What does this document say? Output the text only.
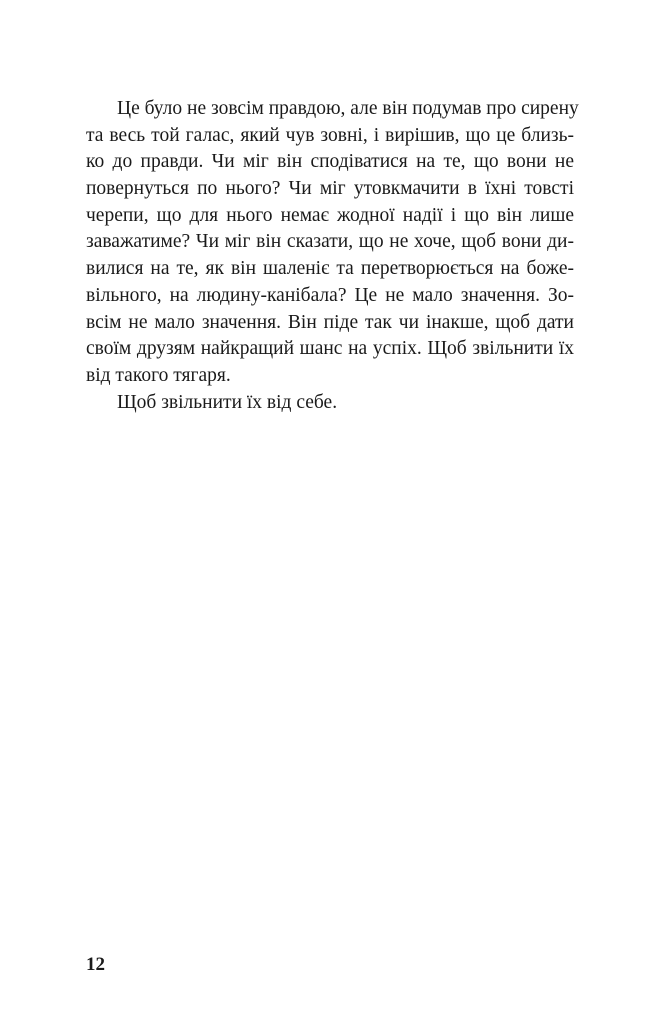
Це було не зовсім правдою, але він подумав про сирену
та весь той галас, який чув зовні, і вирішив, що це близь-
ко до правди. Чи міг він сподіватися на те, що вони не
повернуться по нього? Чи міг утовкмачити в їхні товсті
черепи, що для нього немає жодної надії і що він лише
заважатиме? Чи міг він сказати, що не хоче, щоб вони ди-
вилися на те, як він шаленіє та перетворюється на боже-
вільного, на людину-канібала? Це не мало значення. Зо-
всім не мало значення. Він піде так чи інакше, щоб дати
своїм друзям найкращий шанс на успіх. Щоб звільнити їх
від такого тягаря.
Щоб звільнити їх від себе.
12
